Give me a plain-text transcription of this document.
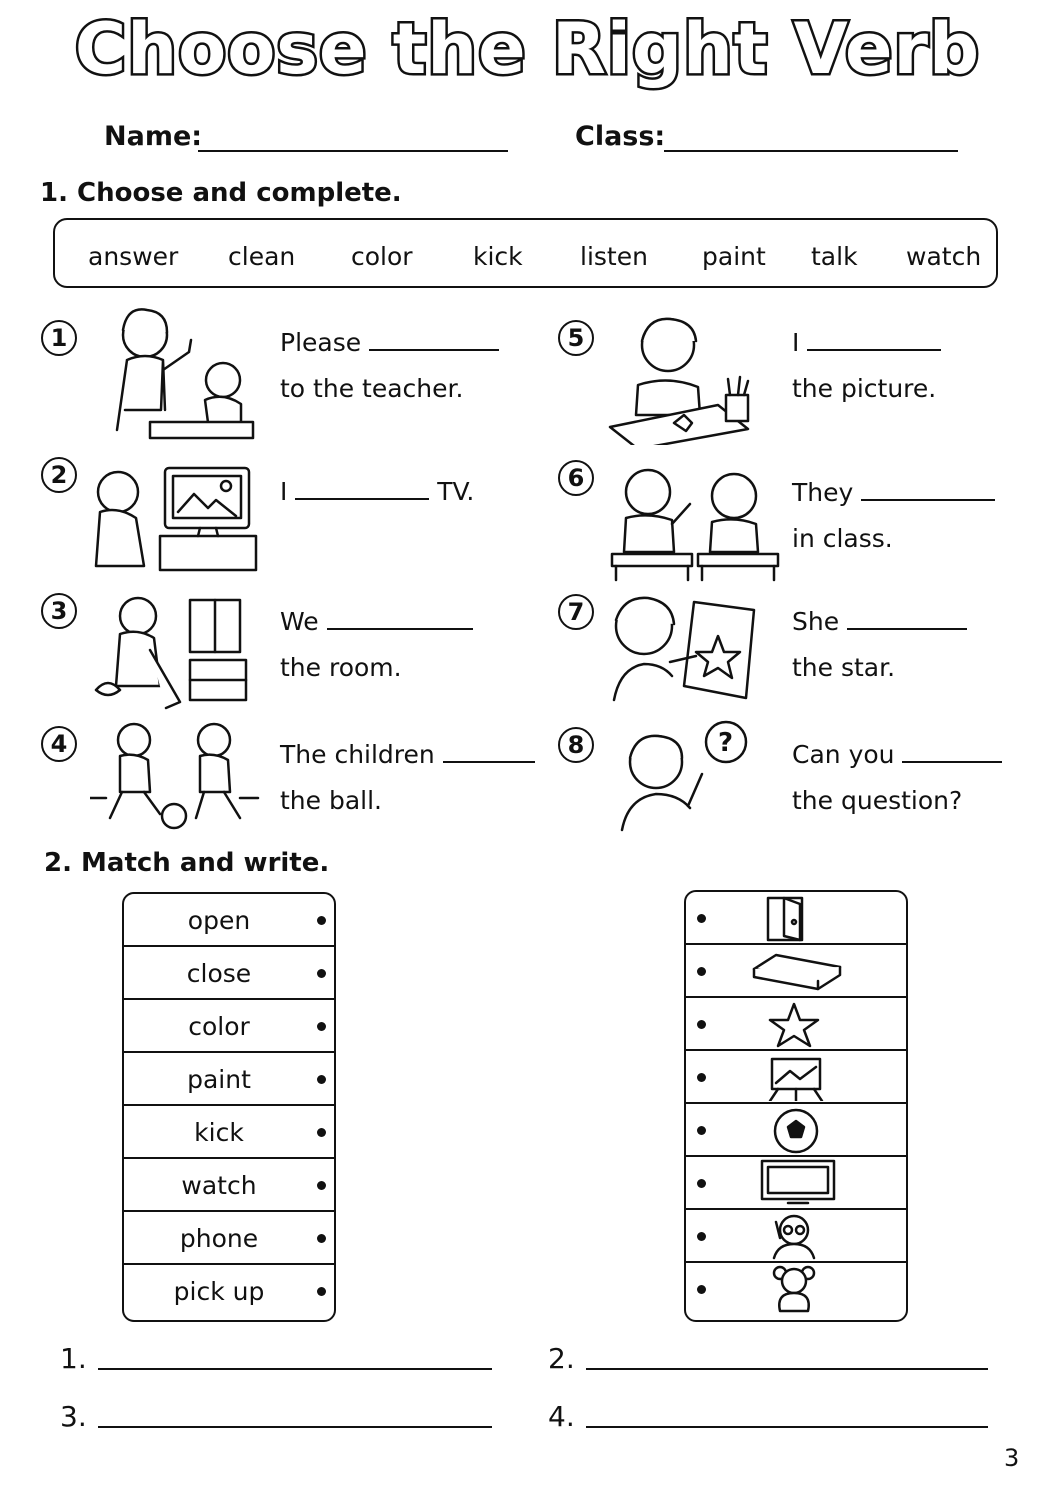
Choose the Right Verb
Name:	Class:
1. Choose and complete.
answer clean color kick listen paint talk watch
1	Please
to the teacher.
2
I	TV.
3	We
the room.
4	The children
the ball.
5	I
the picture.
6	They
in class.
7	She
the star.
8	? Can you
the question?
2. Match and write.
open
close
color
paint
kick
watch
phone
pick up
1.	2.
3.	4.
3
